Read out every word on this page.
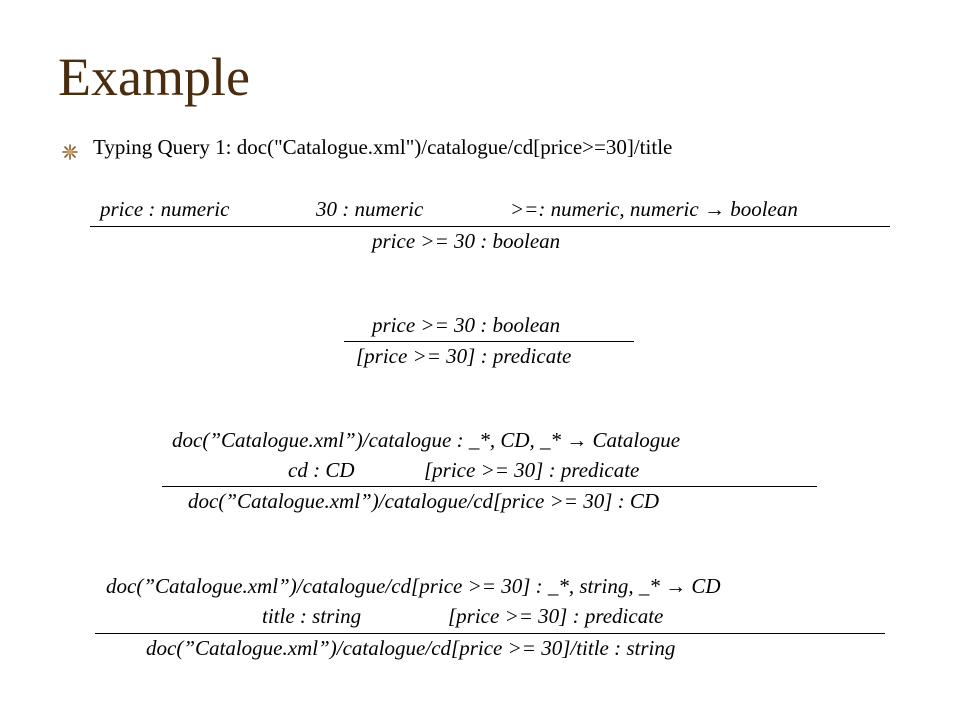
Example
Typing Query 1: doc("Catalogue.xml")/catalogue/cd[price>=30]/title
price : numeric	30 : numeric	>=: numeric, numeric → boolean
price >= 30 : boolean
price >= 30 : boolean
[price >= 30] : predicate
doc(”Catalogue.xml”)/catalogue : _*, CD, _* → Catalogue
cd : CD	[price >= 30] : predicate
doc(”Catalogue.xml”)/catalogue/cd[price >= 30] : CD
doc(”Catalogue.xml”)/catalogue/cd[price >= 30] : _*, string, _* → CD
title : string	[price >= 30] : predicate
doc(”Catalogue.xml”)/catalogue/cd[price >= 30]/title : string
